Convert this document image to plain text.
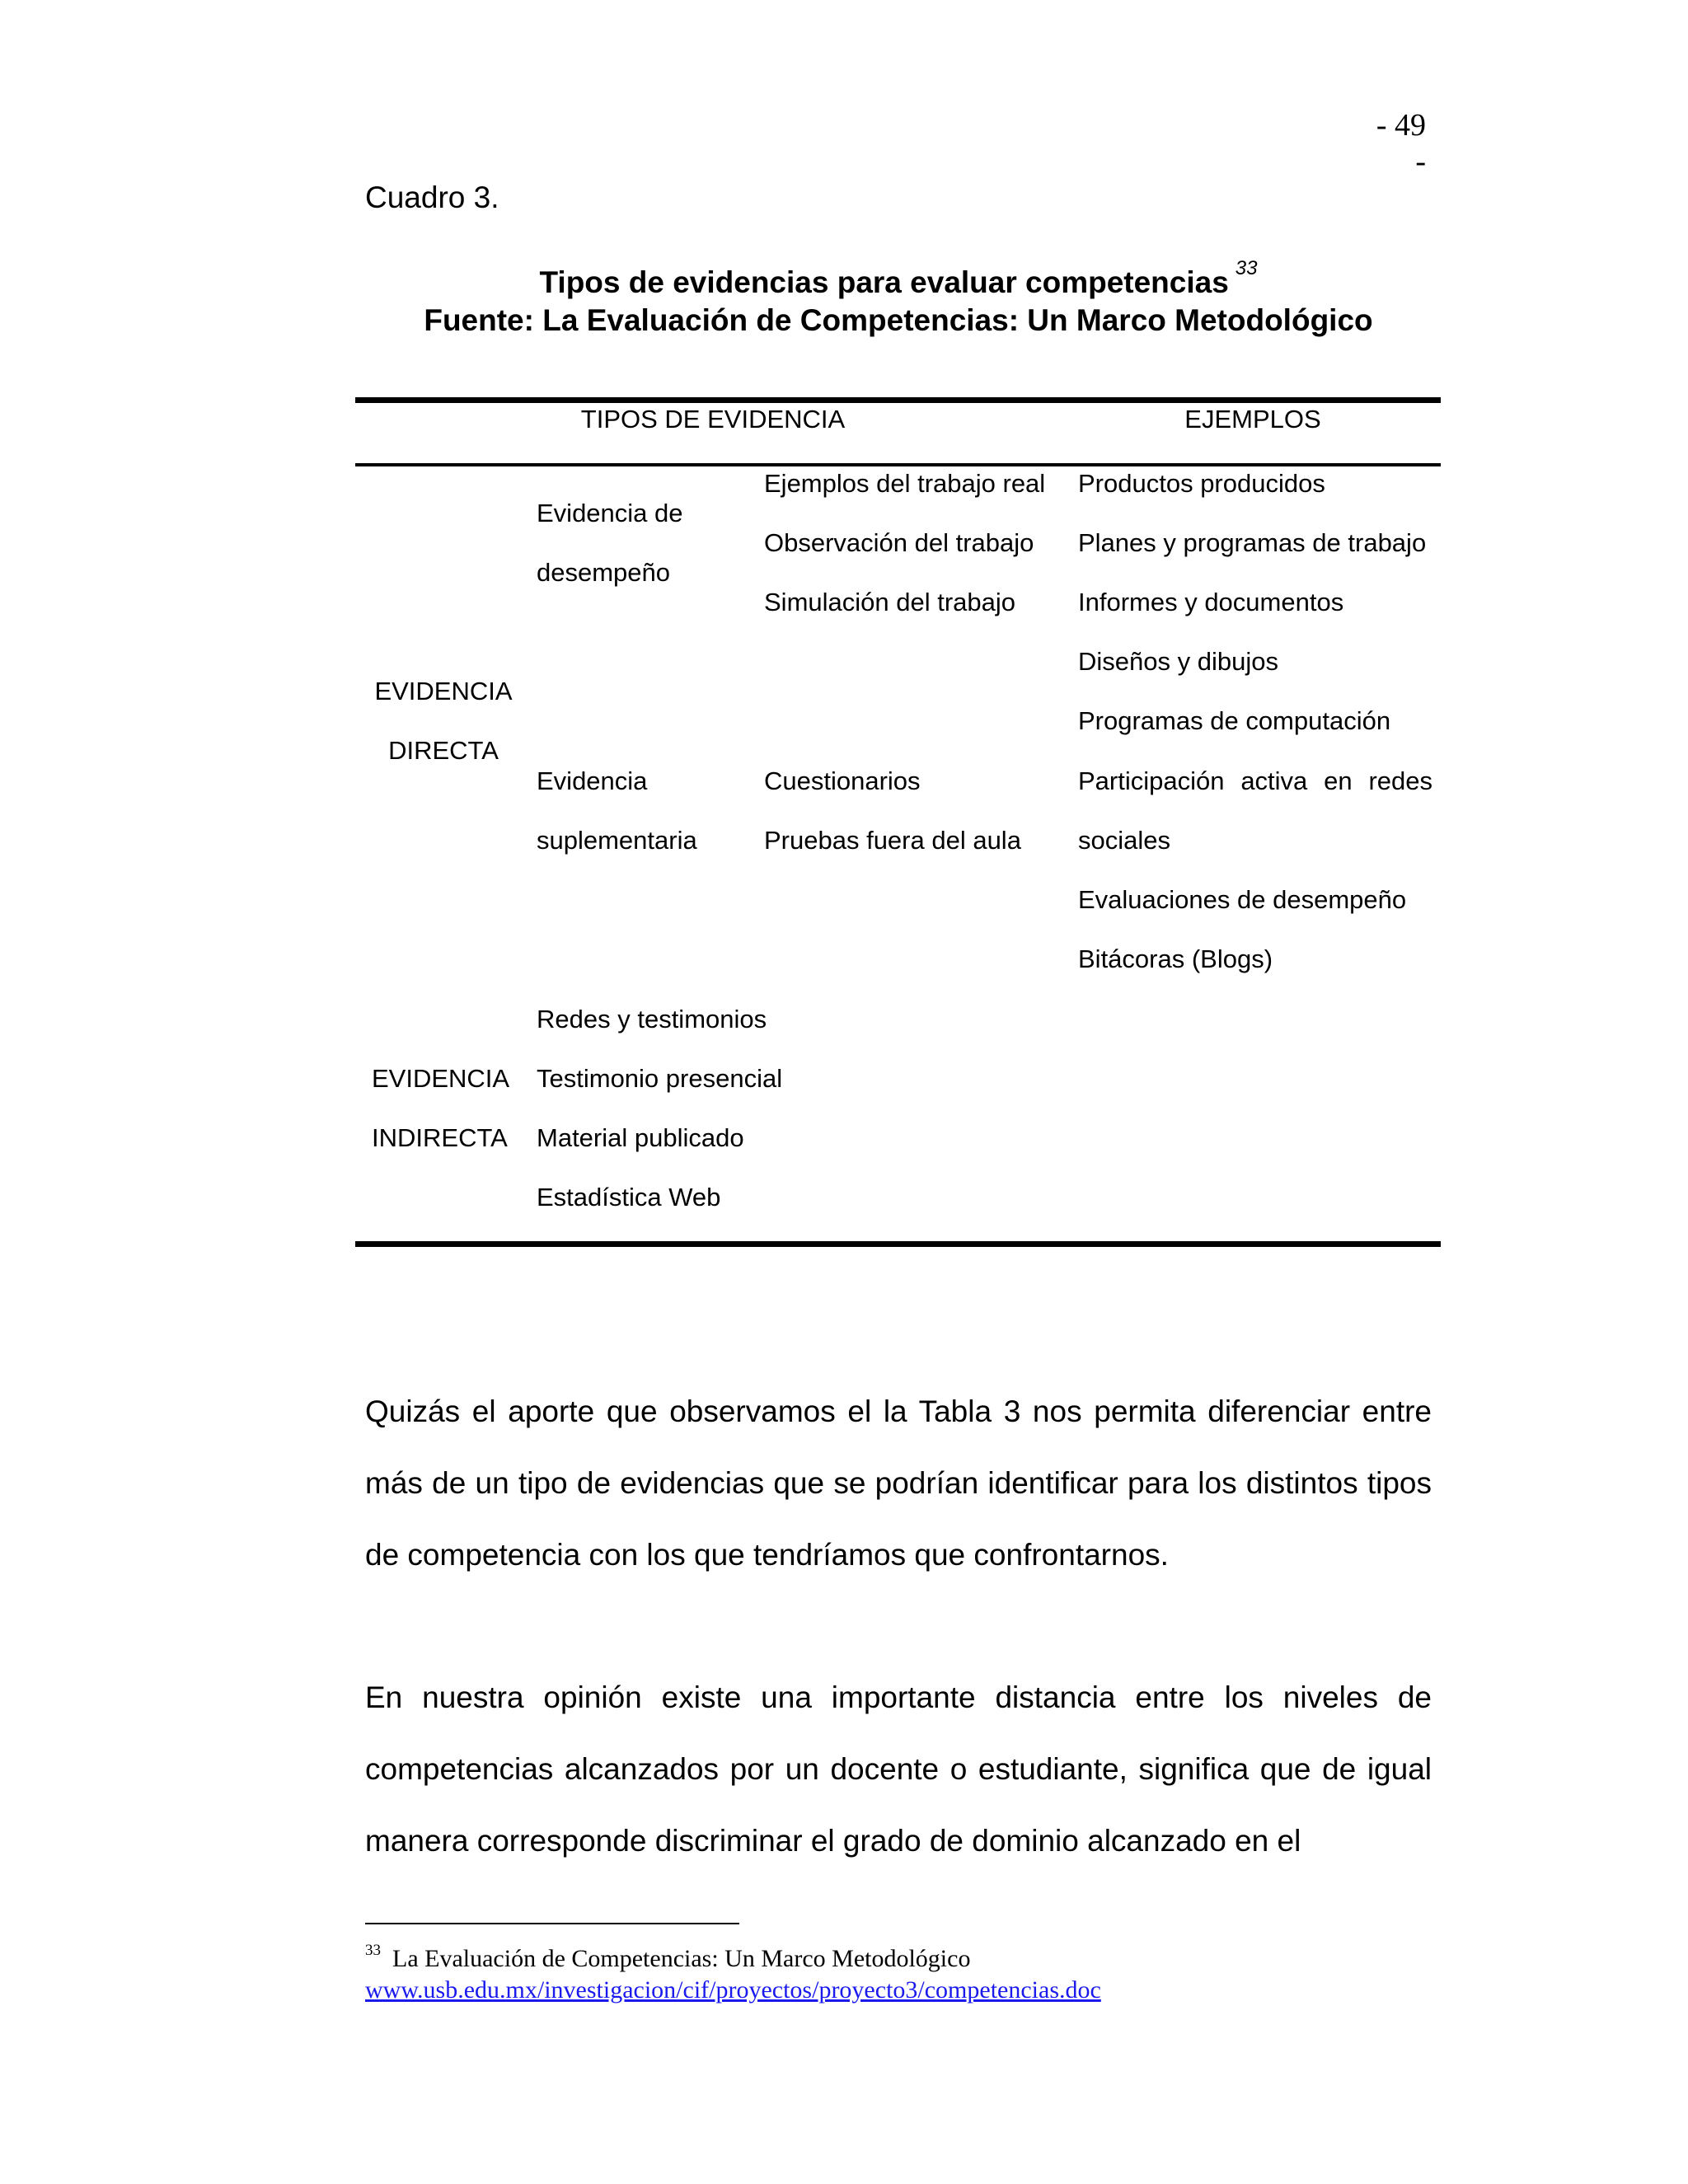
- 49 -
Cuadro 3.
Tipos de evidencias para evaluar competencias $^{33}$
Fuente: La Evaluación de Competencias: Un Marco Metodológico
TIPOS DE EVIDENCIA	EJEMPLOS
EVIDENCIA
DIRECTA
Evidencia de
desempeño
Ejemplos del trabajo real
Observación del trabajo
Simulación del trabajo
Evidencia
suplementaria
Cuestionarios
Pruebas fuera del aula
Productos producidos
Planes y programas de trabajo
Informes y documentos
Diseños y dibujos
Programas de computación
Participación activa en redes
sociales
Evaluaciones de desempeño
Bitácoras (Blogs)
EVIDENCIA
INDIRECTA
Redes y testimonios
Testimonio presencial
Material publicado
Estadística Web

Quizás el aporte que observamos el la Tabla 3 nos permita diferenciar entre más de un tipo de evidencias que se podrían identificar para los distintos tipos de competencia con los que tendríamos que confrontarnos.

En nuestra opinión existe una importante distancia entre los niveles de competencias alcanzados por un docente o estudiante, significa que de igual manera corresponde discriminar el grado de dominio alcanzado en el

$^{33}$ La Evaluación de Competencias: Un Marco Metodológico
www.usb.edu.mx/investigacion/cif/proyectos/proyecto3/competencias.doc
